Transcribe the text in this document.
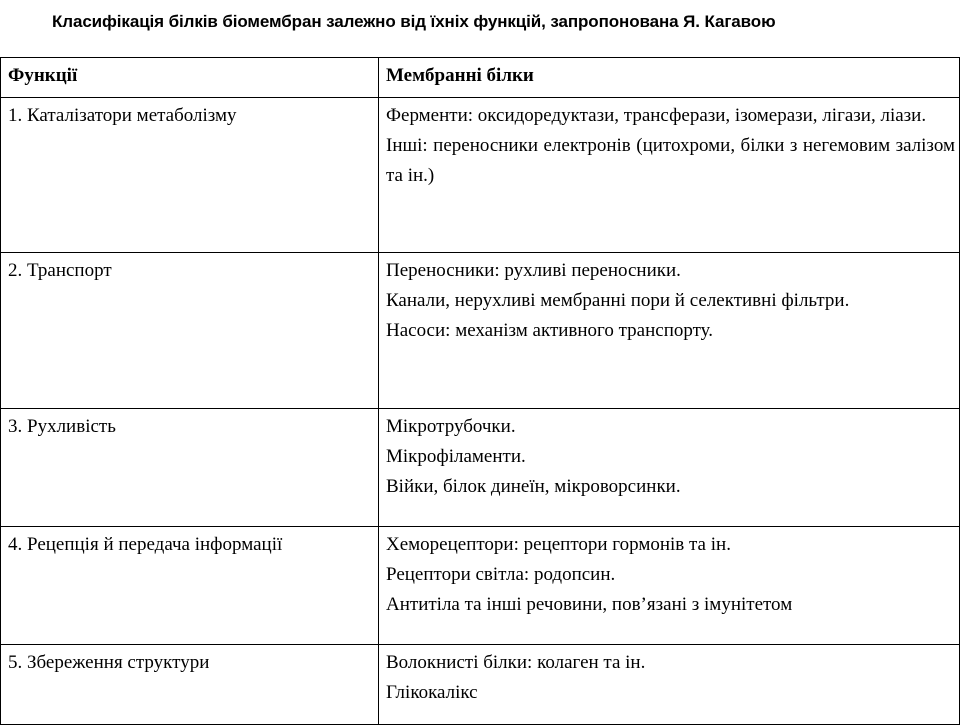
Класифікація білків біомембран залежно від їхніх функцій, запропонована Я. Кагавою
Функції	Мембранні білки
1. Каталізатори метаболізму	Ферменти: оксидоредуктази, трансферази, ізомерази, лігази, ліази.
Інші: переносники електронів (цитохроми, білки з негемовим залізом та ін.)

2. Транспорт	Переносники: рухливі переносники.
Канали, нерухливі мембранні пори й селективні фільтри.
Насоси: механізм активного транспорту.

3. Рухливість	Мікротрубочки.
Мікрофіламенти.
Війки, білок динеїн, мікроворсинки.

4. Рецепція й передача інформації	Хеморецептори: рецептори гормонів та ін.
Рецептори світла: родопсин.
Антитіла та інші речовини, пов’язані з імунітетом

5. Збереження структури	Волокнисті білки: колаген та ін.
Глікокалікс
